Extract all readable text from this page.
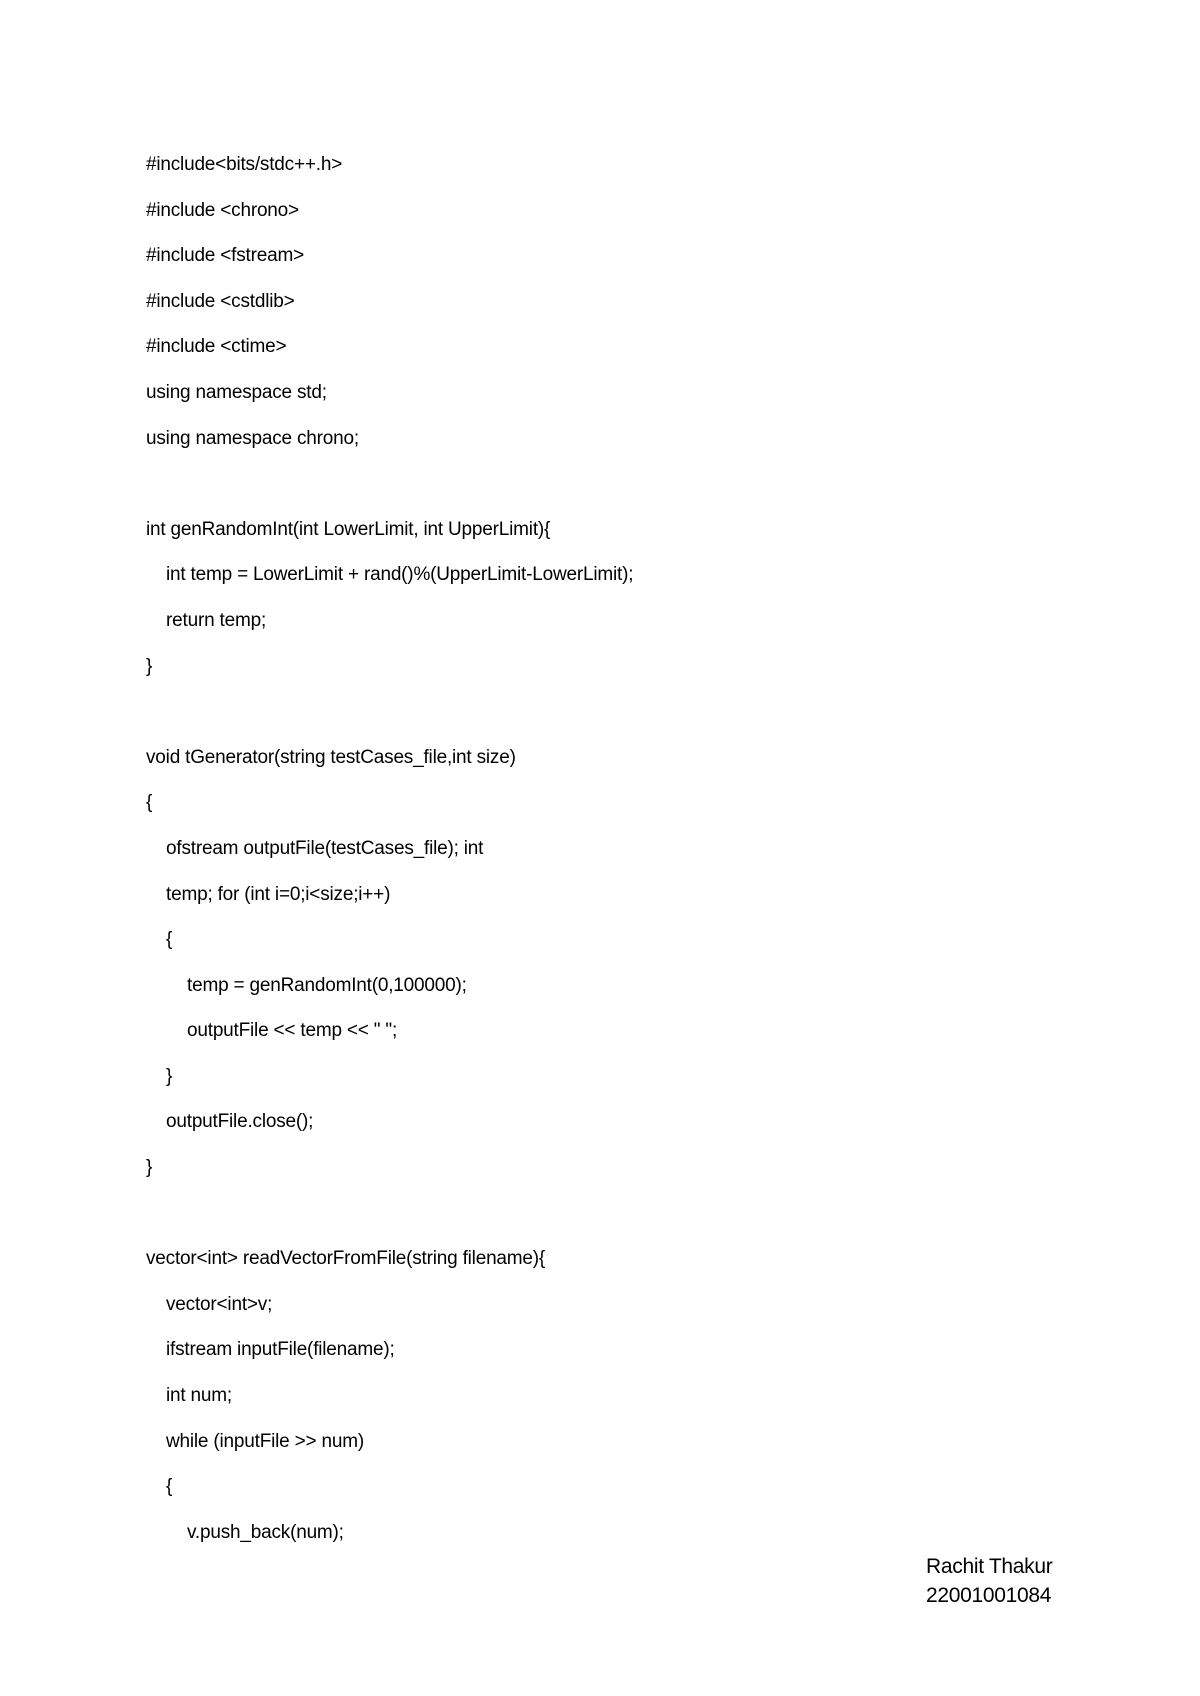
#include<bits/stdc++.h>
#include <chrono>
#include <fstream>
#include <cstdlib>
#include <ctime>
using namespace std;
using namespace chrono;
int genRandomInt(int LowerLimit, int UpperLimit){
int temp = LowerLimit + rand()%(UpperLimit-LowerLimit);
return temp;
}
void tGenerator(string testCases_file,int size)
{
ofstream outputFile(testCases_file); int
temp; for (int i=0;i<size;i++)
{
temp = genRandomInt(0,100000);
outputFile << temp << " ";
}
outputFile.close();
}
vector<int> readVectorFromFile(string filename){
vector<int>v;
ifstream inputFile(filename);
int num;
while (inputFile >> num)
{
v.push_back(num);
Rachit Thakur
22001001084
